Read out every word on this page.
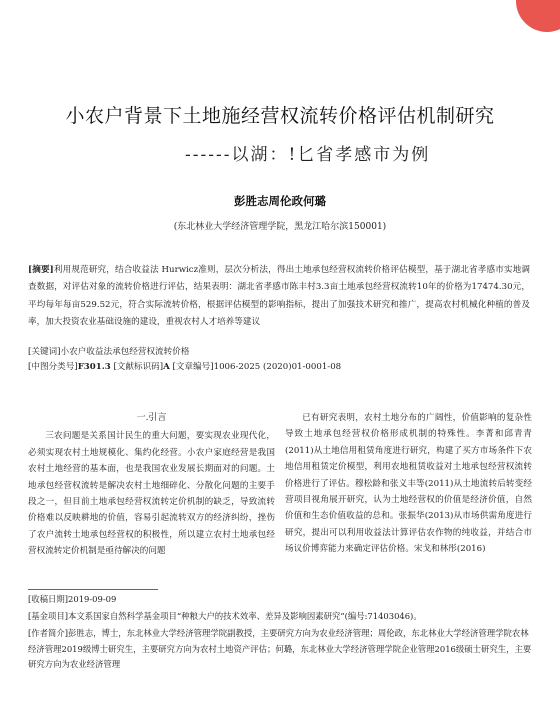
小农户背景下土地施经营权流转价格评估机制研究
------以湖：!匕省孝感市为例
彭胜志周伦政何璐
(东北林业大学经济管理学院，黑龙江哈尔滨150001)
[摘要]利用规范研究，结合收益法 Hurwicz准则，层次分析法，得出土地承包经营权流转价格评估模型，基于湖北省孝感市实地调查数据，对评估对象的流转价格进行评估，结果表明：湖北省孝感市陈丰村3.3亩土地承包经营权流转10年的价格为17474.30元，平均每年每亩529.52元，符合实际流转价格，根据评估模型的影响指标，提出了加强技术研究和推广，提高农村机械化种植的普及率，加大投资农业基础设施的建设，重视农村人才培养等建议
[关键词]小农户收益法承包经营权流转价格
[中图分类号]F301.3 [文献标识码]A [文章编号]1006-2025 (2020)01-0001-08
一.引言
三农问题是关系国计民生的重大问题，要实现农业现代化，必须实现农村土地规模化、集约化经营。小农户家庭经营是我国农村土地经营的基本面，也是我国农业发展长期面对的问题。土地承包经营权流转是解决农村土地细碎化、分散化问题的主要手段之一，但目前土地承包经营权流转定价机制的缺乏，导致流转价格难以反映耕地的价值，容易引起流转双方的经济纠纷，挫伤了农户流转土地承包经营权的积极性，所以建立农村土地承包经营权流转定价机制是亟待解决的问题
已有研究表明，农村土地分布的广阔性，价值影响的复杂性导致土地承包经营权价格形成机制的特殊性。李菁和邱青青(2011)从土地信用租赁角度进行研究，构建了买方市场条件下农地信用租赁定价模型，利用农地租赁收益对土地承包经营权流转价格进行了评估。穆松龄和张义丰等(2011)从土地流转后转变经营项目视角展开研究，认为土地经营权的价值是经济价值，自然价值和生态价值收益的总和。张振华(2013)从市场供需角度进行研究，提出可以利用收益法计算评估农作物的纯收益，并结合市场议价博弈能力来确定评估价格。宋戈和林彤(2016)
[收稿日期]2019-09-09
[基金项目]本文系国家自然科学基金项目“种粮大户的技术效率、差异及影响因素研究”(编号:71403046)。
[作者简介]彭胜志，博士，东北林业大学经济管理学院副教授，主要研究方向为农业经济管理；周伦政，东北林业大学经济管理学院农林经济管理2019级博士研究生，主要研究方向为农村土地资产评估；何璐，东北林业大学经济管理学院企业管理2016级硕士研究生，主要研究方向为农业经济管理
